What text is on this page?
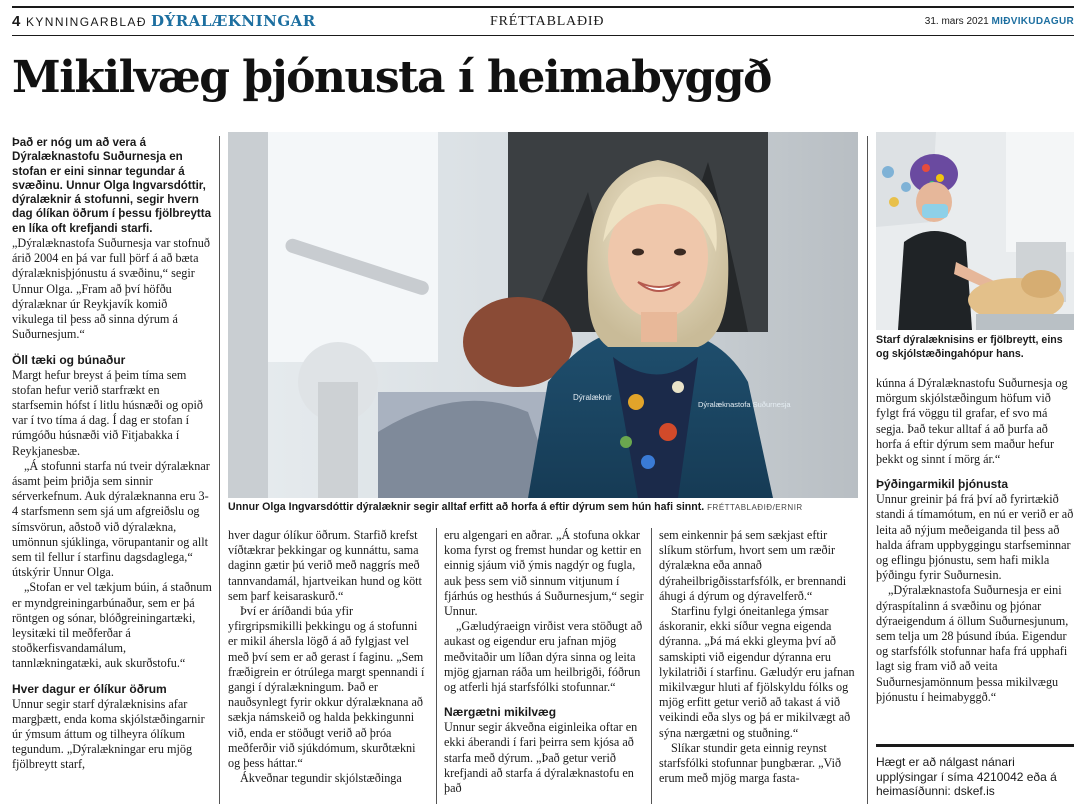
4 KYNNINGARBLAÐ DÝRALÆKNINGAR	FRÉTTABLAÐIÐ	31. mars 2021 MIÐVIKUDAGUR
Mikilvæg þjónusta í heimabyggð

Það er nóg um að vera á Dýralæknastofu Suðurnesja en stofan er eini sinnar tegundar á svæðinu. Unnur Olga Ingvarsdóttir, dýralæknir á stofunni, segir hvern dag ólíkan öðrum í þessu fjölbreytta en líka oft krefjandi starfi.

„Dýralæknastofa Suðurnesja var stofnuð árið 2004 en þá var full þörf á að bæta dýralæknisþjónustu á svæðinu,“ segir Unnur Olga. „Fram að því höfðu dýralæknar úr Reykjavík komið vikulega til þess að sinna dýrum á Suðurnesjum.“

Öll tæki og búnaður

Margt hefur breyst á þeim tíma sem stofan hefur verið starfrækt en starfsemin hófst í litlu húsnæði og opið var í tvo tíma á dag. Í dag er stofan í rúmgóðu húsnæði við Fitjabakka í Reykjanesbæ.

„Á stofunni starfa nú tveir dýralæknar ásamt þeim þriðja sem sinnir sérverkefnum. Auk dýralæknanna eru 3-4 starfsmenn sem sjá um afgreiðslu og símsvörun, aðstoð við dýralækna, umönnun sjúklinga, vörupantanir og allt sem til fellur í starfinu dagsdaglega,“ útskýrir Unnur Olga.

„Stofan er vel tækjum búin, á staðnum er myndgreiningarbúnaður, sem er þá röntgen og sónar, blóðgreiningartæki, leysitæki til meðferðar á stoðkerfisvandamálum, tannlækningatæki, auk skurðstofu.“

Hver dagur er ólíkur öðrum

Unnur segir starf dýralæknisins afar margþætt, enda koma skjólstæðingarnir úr ýmsum áttum og tilheyra ólíkum tegundum. „Dýralækningar eru mjög fjölbreytt starf,

Dýralæknir
Dýralæknastofa Suðurnesja
Unnur Olga Ingvarsdóttir dýralæknir segir alltaf erfitt að horfa á eftir dýrum sem hún hafi sinnt. FRÉTTABLAÐIÐ/ERNIR

hver dagur ólíkur öðrum. Starfið krefst víðtækrar þekkingar og kunnáttu, sama daginn gætir þú verið með naggrís með tannvandamál, hjartveikan hund og kött sem þarf keisaraskurð.“

Því er áríðandi búa yfir yfirgripsmikilli þekkingu og á stofunni er mikil áhersla lögð á að fylgjast vel með því sem er að gerast í faginu. „Sem fræðigrein er ótrúlega margt spennandi í gangi í dýralækningum. Það er nauðsynlegt fyrir okkur dýralæknana að sækja námskeið og halda þekkingunni við, enda er stöðugt verið að þróa meðferðir við sjúkdómum, skurðtækni og þess háttar.“

Ákveðnar tegundir skjólstæðinga

eru algengari en aðrar. „Á stofuna okkar koma fyrst og fremst hundar og kettir en einnig sjáum við ýmis nagdýr og fugla, auk þess sem við sinnum vitjunum í fjárhús og hesthús á Suðurnesjum,“ segir Unnur.

„Gæludýraeign virðist vera stöðugt að aukast og eigendur eru jafnan mjög meðvitaðir um líðan dýra sinna og leita mjög gjarnan ráða um heilbrigði, fóðrun og atferli hjá starfsfólki stofunnar.“

Nærgætni mikilvæg

Unnur segir ákveðna eiginleika oftar en ekki áberandi í fari þeirra sem kjósa að starfa með dýrum. „Það getur verið krefjandi að starfa á dýralæknastofu en það

sem einkennir þá sem sækjast eftir slíkum störfum, hvort sem um ræðir dýralækna eða annað dýraheilbrigðisstarfsfólk, er brennandi áhugi á dýrum og dýravelferð.“

Starfinu fylgi óneitanlega ýmsar áskoranir, ekki síður vegna eigenda dýranna. „Þá má ekki gleyma því að samskipti við eigendur dýranna eru lykilatriði í starfinu. Gæludýr eru jafnan mikilvægur hluti af fjölskyldu fólks og mjög erfitt getur verið að takast á við veikindi eða slys og þá er mikilvægt að sýna nærgætni og stuðning.“

Slíkar stundir geta einnig reynst starfsfólki stofunnar þungbærar. „Við erum með mjög marga fasta-

Starf dýralæknisins er fjölbreytt, eins og skjólstæðingahópur hans.

kúnna á Dýralæknastofu Suðurnesja og mörgum skjólstæðingum höfum við fylgt frá vöggu til grafar, ef svo má segja. Það tekur alltaf á að þurfa að horfa á eftir dýrum sem maður hefur þekkt og sinnt í mörg ár.“

Þýðingarmikil þjónusta

Unnur greinir þá frá því að fyrirtækið standi á tímamótum, en nú er verið er að leita að nýjum meðeiganda til þess að halda áfram uppbyggingu starfseminnar og eflingu þjónustu, sem hafi mikla þýðingu fyrir Suðurnesin.

„Dýralæknastofa Suðurnesja er eini dýraspítalinn á svæðinu og þjónar dýraeigendum á öllum Suðurnesjunum, sem telja um 28 þúsund íbúa. Eigendur og starfsfólk stofunnar hafa frá upphafi lagt sig fram við að veita Suðurnesjamönnum þessa mikilvægu þjónustu í heimabyggð.“

Hægt er að nálgast nánari upplýsingar í síma 4210042 eða á heimasíðunni: dskef.is
